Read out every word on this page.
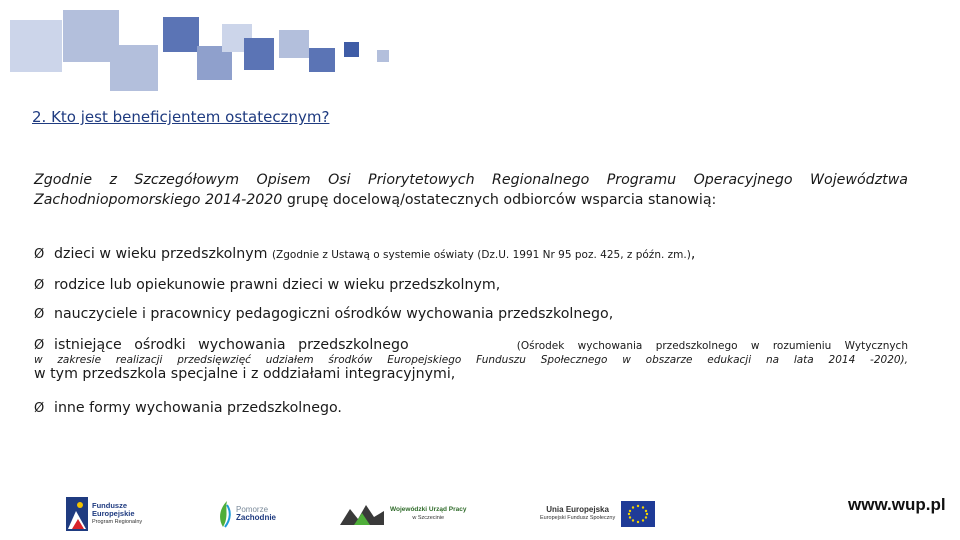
2. Kto jest beneficjentem ostatecznym?
Zgodnie z Szczegółowym Opisem Osi Priorytetowych Regionalnego Programu Operacyjnego Województwa Zachodniopomorskiego 2014-2020 grupę docelową/ostatecznych odbiorców wsparcia stanowią:
Ø dzieci w wieku przedszkolnym (Zgodnie z Ustawą o systemie oświaty (Dz.U. 1991 Nr 95 poz. 425, z późn. zm.),
Ø rodzice lub opiekunowie prawni dzieci w wieku przedszkolnym,
Ø nauczyciele i pracownicy pedagogiczni ośrodków wychowania przedszkolnego,
Ø istniejące ośrodki wychowania przedszkolnego	(Ośrodek wychowania przedszkolnego w rozumieniu Wytycznych
w zakresie realizacji przedsięwzięć udziałem środków Europejskiego Funduszu Społecznego w obszarze edukacji na lata 2014 -2020),
w tym przedszkola specjalne i z oddziałami integracyjnymi,
Ø inne formy wychowania przedszkolnego.
Fundusze
Europejskie
Program Regionalny
Pomorze
Zachodnie
Wojewódzki Urząd Pracy
w Szczecinie
Unia Europejska
Europejski Fundusz Społeczny
www.wup.pl
